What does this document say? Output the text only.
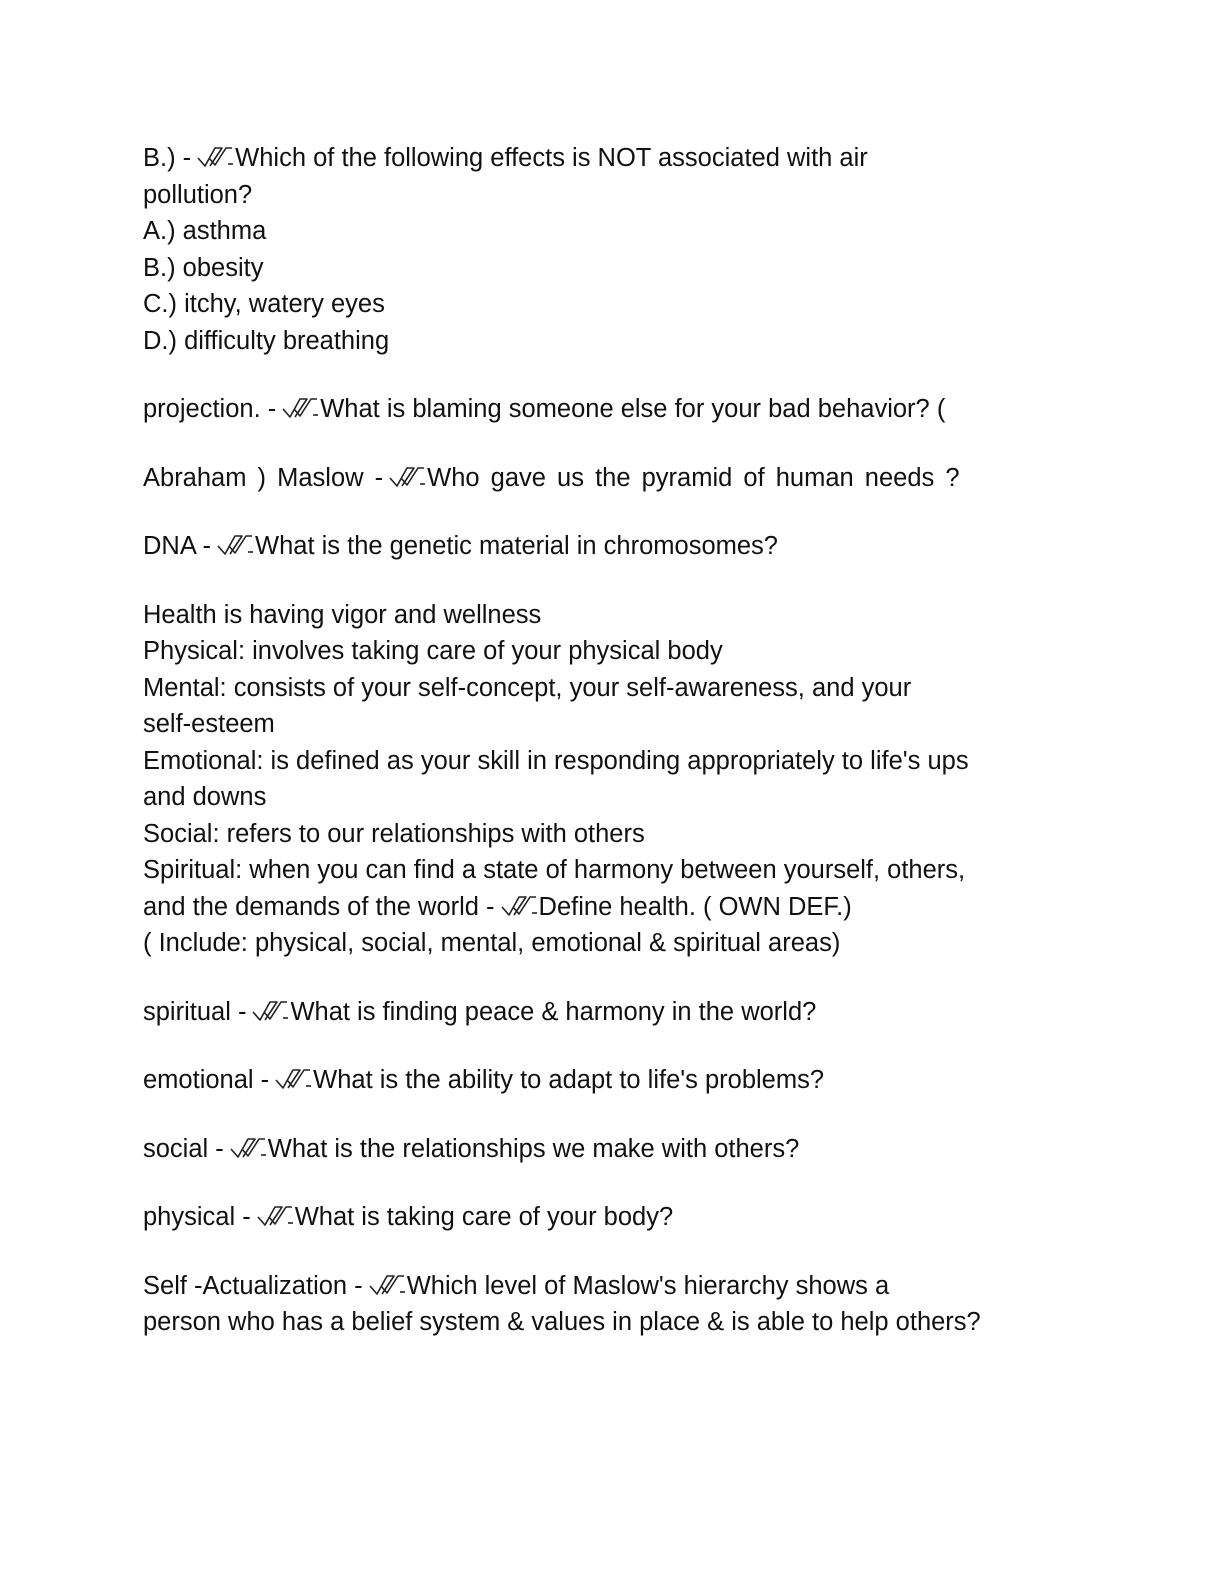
B.) - Which of the following effects is NOT associated with air
pollution?
A.) asthma
B.) obesity
C.) itchy, watery eyes
D.) difficulty breathing
projection. - What is blaming someone else for your bad behavior? (
Abraham ) Maslow - Who gave us the pyramid of human needs ?
DNA - What is the genetic material in chromosomes?
Health is having vigor and wellness
Physical: involves taking care of your physical body
Mental: consists of your self-concept, your self-awareness, and your
self-esteem
Emotional: is defined as your skill in responding appropriately to life's ups
and downs
Social: refers to our relationships with others
Spiritual: when you can find a state of harmony between yourself, others,
and the demands of the world - Define health. ( OWN DEF.)
( Include: physical, social, mental, emotional & spiritual areas)
spiritual - What is finding peace & harmony in the world?
emotional - What is the ability to adapt to life's problems?
social - What is the relationships we make with others?
physical - What is taking care of your body?
Self -Actualization - Which level of Maslow's hierarchy shows a
person who has a belief system & values in place & is able to help others?
